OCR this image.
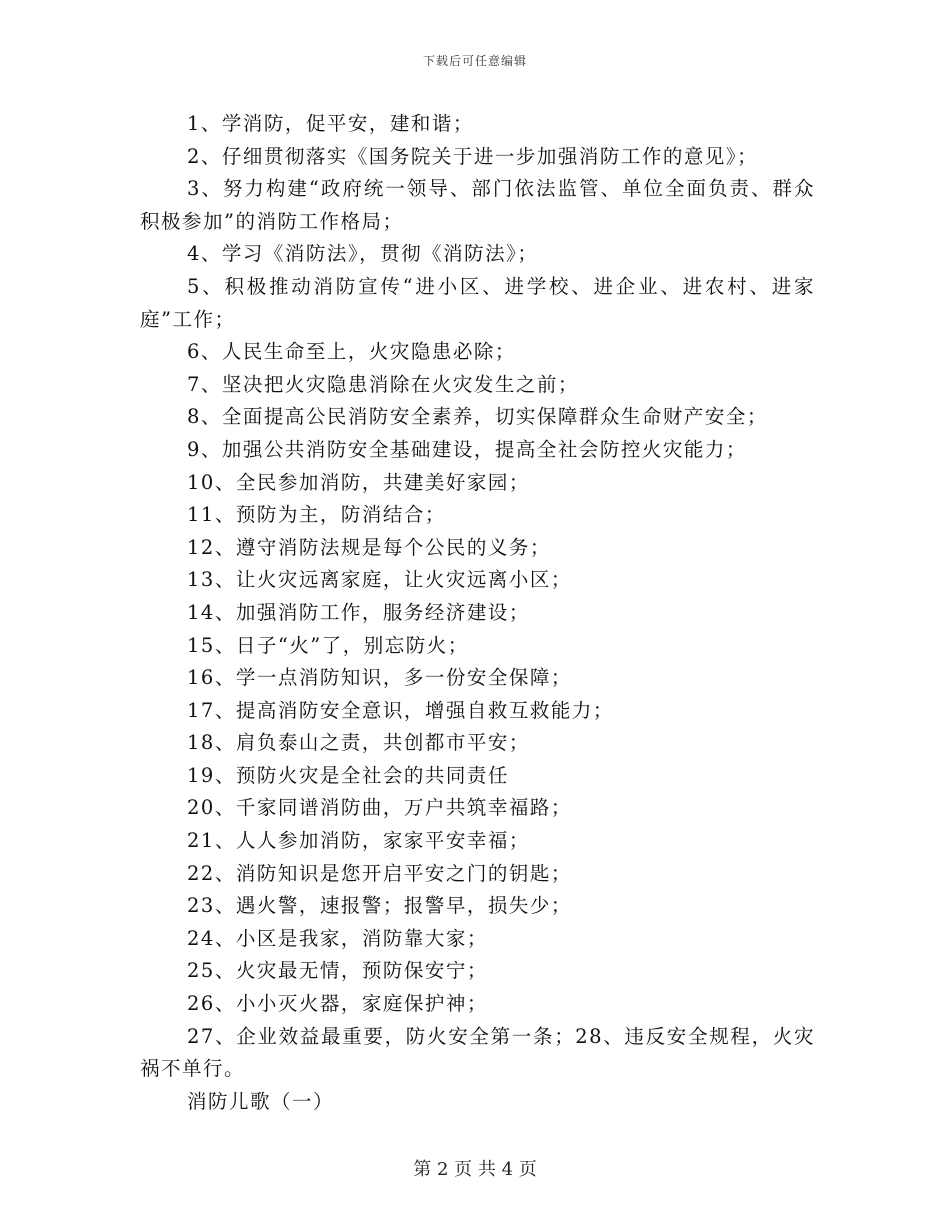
下载后可任意编辑

1、学消防，促平安，建和谐；

2、仔细贯彻落实《国务院关于进一步加强消防工作的意见》；

3、努力构建“政府统一领导、部门依法监管、单位全面负责、群众积极参加”的消防工作格局；

4、学习《消防法》，贯彻《消防法》；

5、积极推动消防宣传“进小区、进学校、进企业、进农村、进家庭”工作；

6、人民生命至上，火灾隐患必除；

7、坚决把火灾隐患消除在火灾发生之前；

8、全面提高公民消防安全素养，切实保障群众生命财产安全；

9、加强公共消防安全基础建设，提高全社会防控火灾能力；

10、全民参加消防，共建美好家园；

11、预防为主，防消结合；

12、遵守消防法规是每个公民的义务；

13、让火灾远离家庭，让火灾远离小区；

14、加强消防工作，服务经济建设；

15、日子“火”了，别忘防火；

16、学一点消防知识，多一份安全保障；

17、提高消防安全意识，增强自救互救能力；

18、肩负泰山之责，共创都市平安；

19、预防火灾是全社会的共同责任

20、千家同谱消防曲，万户共筑幸福路；

21、人人参加消防，家家平安幸福；

22、消防知识是您开启平安之门的钥匙；

23、遇火警，速报警；报警早，损失少；

24、小区是我家，消防靠大家；

25、火灾最无情，预防保安宁；

26、小小灭火器，家庭保护神；

27、企业效益最重要，防火安全第一条；28、违反安全规程，火灾祸不单行。

消防儿歌（一）

第 2 页 共 4 页
